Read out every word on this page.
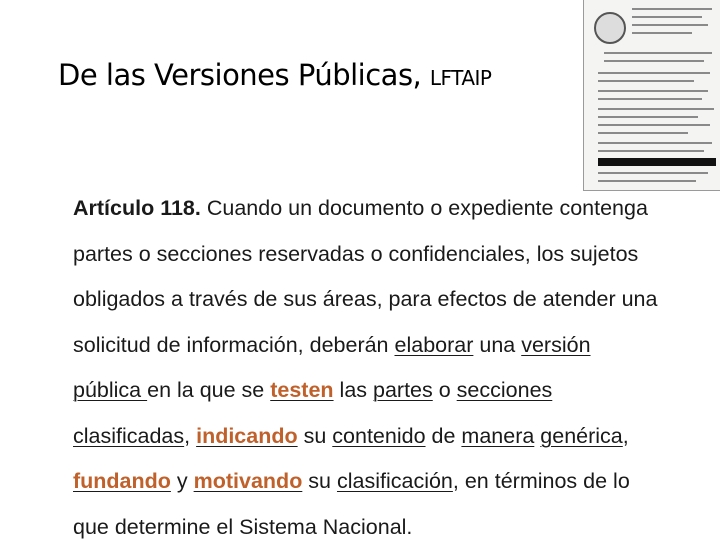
De las Versiones Públicas, LFTAIP
Artículo 118. Cuando un documento o expediente contenga
partes o secciones reservadas o confidenciales, los sujetos
obligados a través de sus áreas, para efectos de atender una
solicitud de información, deberán elaborar una versión
pública en la que se testen las partes o secciones
clasificadas, indicando su contenido de manera genérica,
fundando y motivando su clasificación, en términos de lo
que determine el Sistema Nacional.
